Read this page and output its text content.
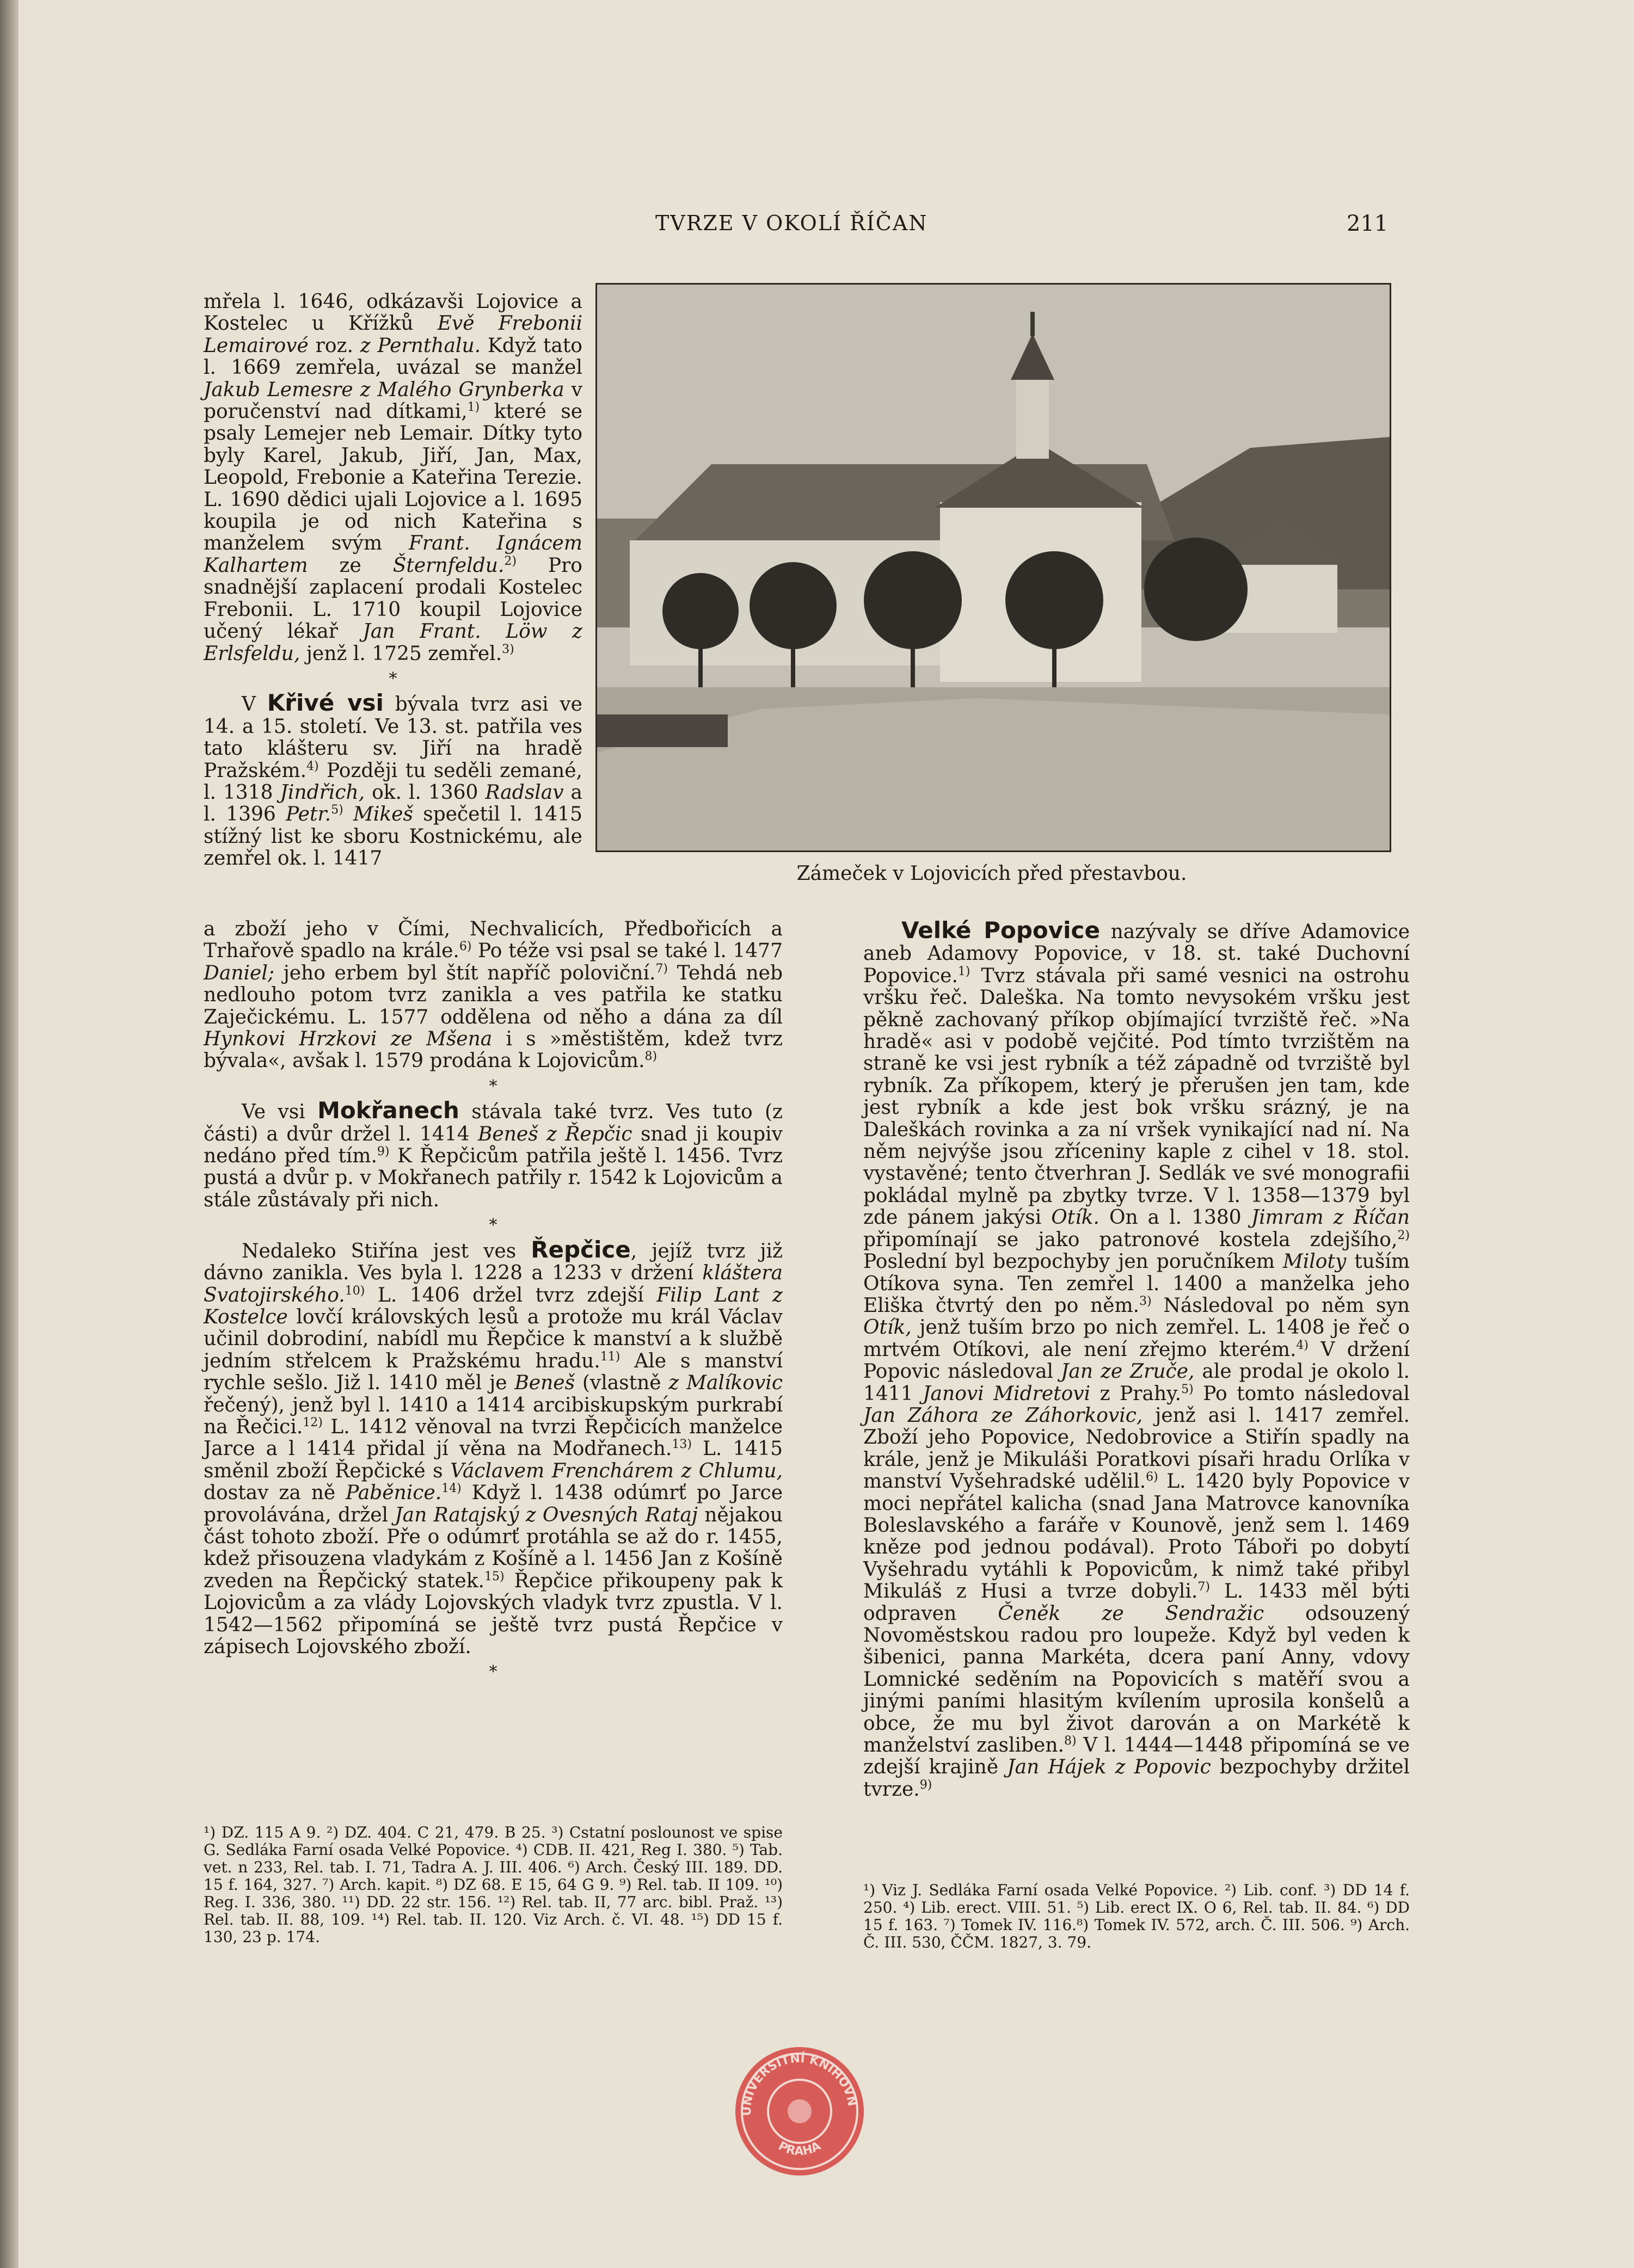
TVRZE V OKOLÍ ŘÍČAN	211

mřela l. 1646, odkázavši Lojovice a Kostelec u Křížků Evě Frebonii Lemairové roz. z Pernthalu. Když tato l. 1669 zemřela, uvázal se manžel Jakub Lemesre z Malého Grynberka v poručenství nad dítkami,$^{1)}$ které se psaly Lemejer neb Lemair. Dítky tyto byly Karel, Jakub, Jiří, Jan, Max, Leopold, Frebonie a Kateřina Terezie. L. 1690 dědici ujali Lojovice a l. 1695 koupila je od nich Kateřina s manželem svým Frant. Ignácem Kalhartem ze Šternfeldu.$^{2)}$ Pro snadnější zaplacení prodali Kostelec Frebonii. L. 1710 koupil Lojovice učený lékař Jan Frant. Löw z Erlsfeldu, jenž l. 1725 zemřel.$^{3)}$

*

V Křivé vsi bývala tvrz asi ve 14. a 15. století. Ve 13. st. patřila ves tato klášteru sv. Jiří na hradě Pražském.$^{4)}$ Později tu seděli zemané, l. 1318 Jindřich, ok. l. 1360 Radslav a l. 1396 Petr.$^{5)}$ Mikeš spečetil l. 1415 stížný list ke sboru Kostnickému, ale zemřel ok. l. 1417

Zámeček v Lojovicích před přestavbou.

a zboží jeho v Čími, Nechvalicích, Předbořicích a Trhařově spadlo na krále.$^{6)}$ Po téže vsi psal se také l. 1477 Daniel; jeho erbem byl štít napříč poloviční.$^{7)}$ Tehdá neb nedlouho potom tvrz zanikla a ves patřila ke statku Zaječickému. L. 1577 oddělena od něho a dána za díl Hynkovi Hrzkovi ze Mšena i s »městištěm, kdež tvrz bývala«, avšak l. 1579 prodána k Lojovicům.$^{8)}$

*

Ve vsi Mokřanech stávala také tvrz. Ves tuto (z části) a dvůr držel l. 1414 Beneš z Řepčic snad ji koupiv nedáno před tím.$^{9)}$ K Řepčicům patřila ještě l. 1456. Tvrz pustá a dvůr p. v Mokřanech patřily r. 1542 k Lojovicům a stále zůstávaly při nich.

*

Nedaleko Stiřína jest ves Řepčice, jejíž tvrz již dávno zanikla. Ves byla l. 1228 a 1233 v držení kláštera Svatojirského.$^{10)}$ L. 1406 držel tvrz zdejší Filip Lant z Kostelce lovčí královských lesů a protože mu král Václav učinil dobrodiní, nabídl mu Řepčice k manství a k službě jedním střelcem k Pražskému hradu.$^{11)}$ Ale s manství rychle sešlo. Již l. 1410 měl je Beneš (vlastně z Malíkovic řečený), jenž byl l. 1410 a 1414 arcibiskupským purkrabí na Řečici.$^{12)}$ L. 1412 věnoval na tvrzi Řepčicích manželce Jarce a l 1414 přidal jí věna na Modřanech.$^{13)}$ L. 1415 směnil zboží Řepčické s Václavem Frenchárem z Chlumu, dostav za ně Paběnice.$^{14)}$ Když l. 1438 odúmrť po Jarce provolávána, držel Jan Ratajský z Ovesných Rataj nějakou část tohoto zboží. Pře o odúmrť protáhla se až do r. 1455, kdež přisouzena vladykám z Košíně a l. 1456 Jan z Košíně zveden na Řepčický statek.$^{15)}$ Řepčice přikoupeny pak k Lojovicům a za vlády Lojovských vladyk tvrz zpustla. V l. 1542—1562 připomíná se ještě tvrz pustá Řepčice v zápisech Lojovského zboží.

*
¹) DZ. 115 A 9. ²) DZ. 404. C 21, 479. B 25. ³) Cstatní poslounost ve spise G. Sedláka Farní osada Velké Popovice. ⁴) CDB. II. 421, Reg I. 380. ⁵) Tab. vet. n 233, Rel. tab. I. 71, Tadra A. J. III. 406. ⁶) Arch. Český III. 189. DD. 15 f. 164, 327. ⁷) Arch. kapit. ⁸) DZ 68. E 15, 64 G 9. ⁹) Rel. tab. II 109. ¹⁰) Reg. I. 336, 380. ¹¹) DD. 22 str. 156. ¹²) Rel. tab. II, 77 arc. bibl. Praž. ¹³) Rel. tab. II. 88, 109. ¹⁴) Rel. tab. II. 120. Viz Arch. č. VI. 48. ¹⁵) DD 15 f. 130, 23 p. 174.

Velké Popovice nazývaly se dříve Adamovice aneb Adamovy Popovice, v 18. st. také Duchovní Popovice.$^{1)}$ Tvrz stávala při samé vesnici na ostrohu vršku řeč. Daleška. Na tomto nevysokém vršku jest pěkně zachovaný příkop objímající tvrziště řeč. »Na hradě« asi v podobě vejčité. Pod tímto tvrzištěm na straně ke vsi jest rybník a též západně od tvrziště byl rybník. Za příkopem, který je přerušen jen tam, kde jest rybník a kde jest bok vršku srázný, je na Daleškách rovinka a za ní vršek vynikající nad ní. Na něm nejvýše jsou zříceniny kaple z cihel v 18. stol. vystavěné; tento čtverhran J. Sedlák ve své monografii pokládal mylně pa zbytky tvrze. V l. 1358—1379 byl zde pánem jakýsi Otík. On a l. 1380 Jimram z Říčan připomínají se jako patronové kostela zdejšího,$^{2)}$ Poslední byl bezpochyby jen poručníkem Miloty tuším Otíkova syna. Ten zemřel l. 1400 a manželka jeho Eliška čtvrtý den po něm.$^{3)}$ Následoval po něm syn Otík, jenž tuším brzo po nich zemřel. L. 1408 je řeč o mrtvém Otíkovi, ale není zřejmo kterém.$^{4)}$ V držení Popovic následoval Jan ze Zruče, ale prodal je okolo l. 1411 Janovi Midretovi z Prahy.$^{5)}$ Po tomto následoval Jan Záhora ze Záhorkovic, jenž asi l. 1417 zemřel. Zboží jeho Popovice, Nedobrovice a Stiřín spadly na krále, jenž je Mikuláši Poratkovi písaři hradu Orlíka v manství Vyšehradské udělil.$^{6)}$ L. 1420 byly Popovice v moci nepřátel kalicha (snad Jana Matrovce kanovníka Boleslavského a faráře v Kounově, jenž sem l. 1469 kněze pod jednou podával). Proto Táboři po dobytí Vyšehradu vytáhli k Popovicům, k nimž také přibyl Mikuláš z Husi a tvrze dobyli.$^{7)}$ L. 1433 měl býti odpraven Čeněk ze Sendražic odsouzený Novoměstskou radou pro loupeže. Když byl veden k šibenici, panna Markéta, dcera paní Anny, vdovy Lomnické seděním na Popovicích s matěří svou a jinými paními hlasitým kvílením uprosila konšelů a obce, že mu byl život darován a on Markétě k manželství zasliben.$^{8)}$ V l. 1444—1448 připomíná se ve zdejší krajině Jan Hájek z Popovic bezpochyby držitel tvrze.$^{9)}$

¹) Viz J. Sedláka Farní osada Velké Popovice. ²) Lib. conf. ³) DD 14 f. 250. ⁴) Lib. erect. VIII. 51. ⁵) Lib. erect IX. O 6, Rel. tab. II. 84. ⁶) DD 15 f. 163. ⁷) Tomek IV. 116.⁸) Tomek IV. 572, arch. Č. III. 506. ⁹) Arch. Č. III. 530, ČČM. 1827, 3. 79.
UNIVERSITNÍ KNIHOVN
PRAHA
